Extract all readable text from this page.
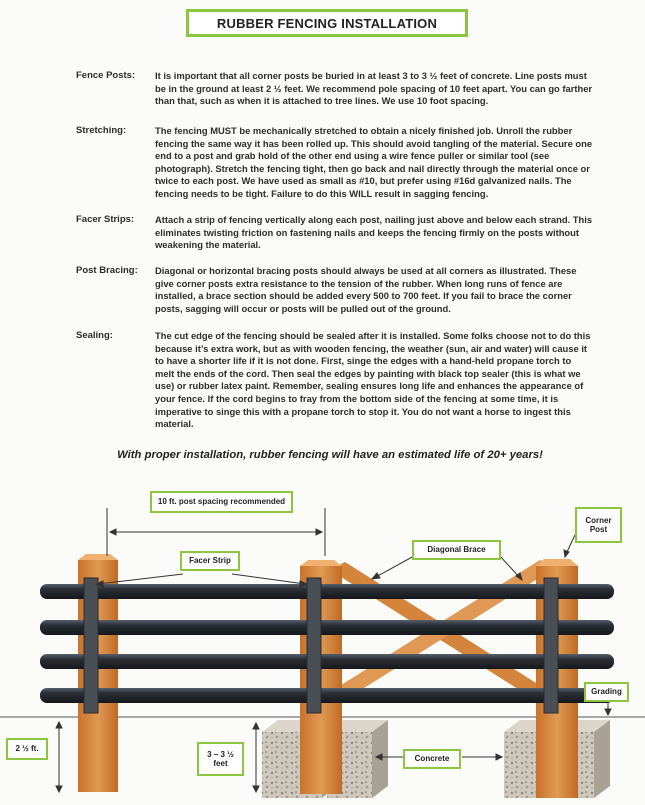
RUBBER FENCING INSTALLATION
Fence Posts:	It is important that all corner posts be buried in at least 3 to 3 ½ feet of concrete. Line posts must be in the ground at least 2 ½ feet. We recommend pole spacing of 10 feet apart. You can go farther than that, such as when it is attached to tree lines. We use 10 foot spacing.
Stretching:	The fencing MUST be mechanically stretched to obtain a nicely finished job. Unroll the rubber fencing the same way it has been rolled up. This should avoid tangling of the material. Secure one end to a post and grab hold of the other end using a wire fence puller or similar tool (see photograph). Stretch the fencing tight, then go back and nail directly through the material once or twice to each post. We have used as small as #10, but prefer using #16d galvanized nails. The fencing needs to be tight. Failure to do this WILL result in sagging fencing.
Facer Strips:	Attach a strip of fencing vertically along each post, nailing just above and below each strand. This eliminates twisting friction on fastening nails and keeps the fencing firmly on the posts without weakening the material.
Post Bracing:	Diagonal or horizontal bracing posts should always be used at all corners as illustrated. These give corner posts extra resistance to the tension of the rubber. When long runs of fence are installed, a brace section should be added every 500 to 700 feet. If you fail to brace the corner posts, sagging will occur or posts will be pulled out of the ground.
Sealing:	The cut edge of the fencing should be sealed after it is installed. Some folks choose not to do this because it’s extra work, but as with wooden fencing, the weather (sun, air and water) will cause it to have a shorter life if it is not done. First, singe the edges with a hand-held propane torch to melt the ends of the cord. Then seal the edges by painting with black top sealer (this is what we use) or rubber latex paint. Remember, sealing ensures long life and enhances the appearance of your fence. If the cord begins to fray from the bottom side of the fencing at some time, it is imperative to singe this with a propane torch to stop it. You do not want a horse to ingest this material.
With proper installation, rubber fencing will have an estimated life of 20+ years!
10 ft. post spacing recommended
Facer Strip
Diagonal Brace
Corner Post
Grading
2 ½ ft.
3 – 3 ½ feet
Concrete
